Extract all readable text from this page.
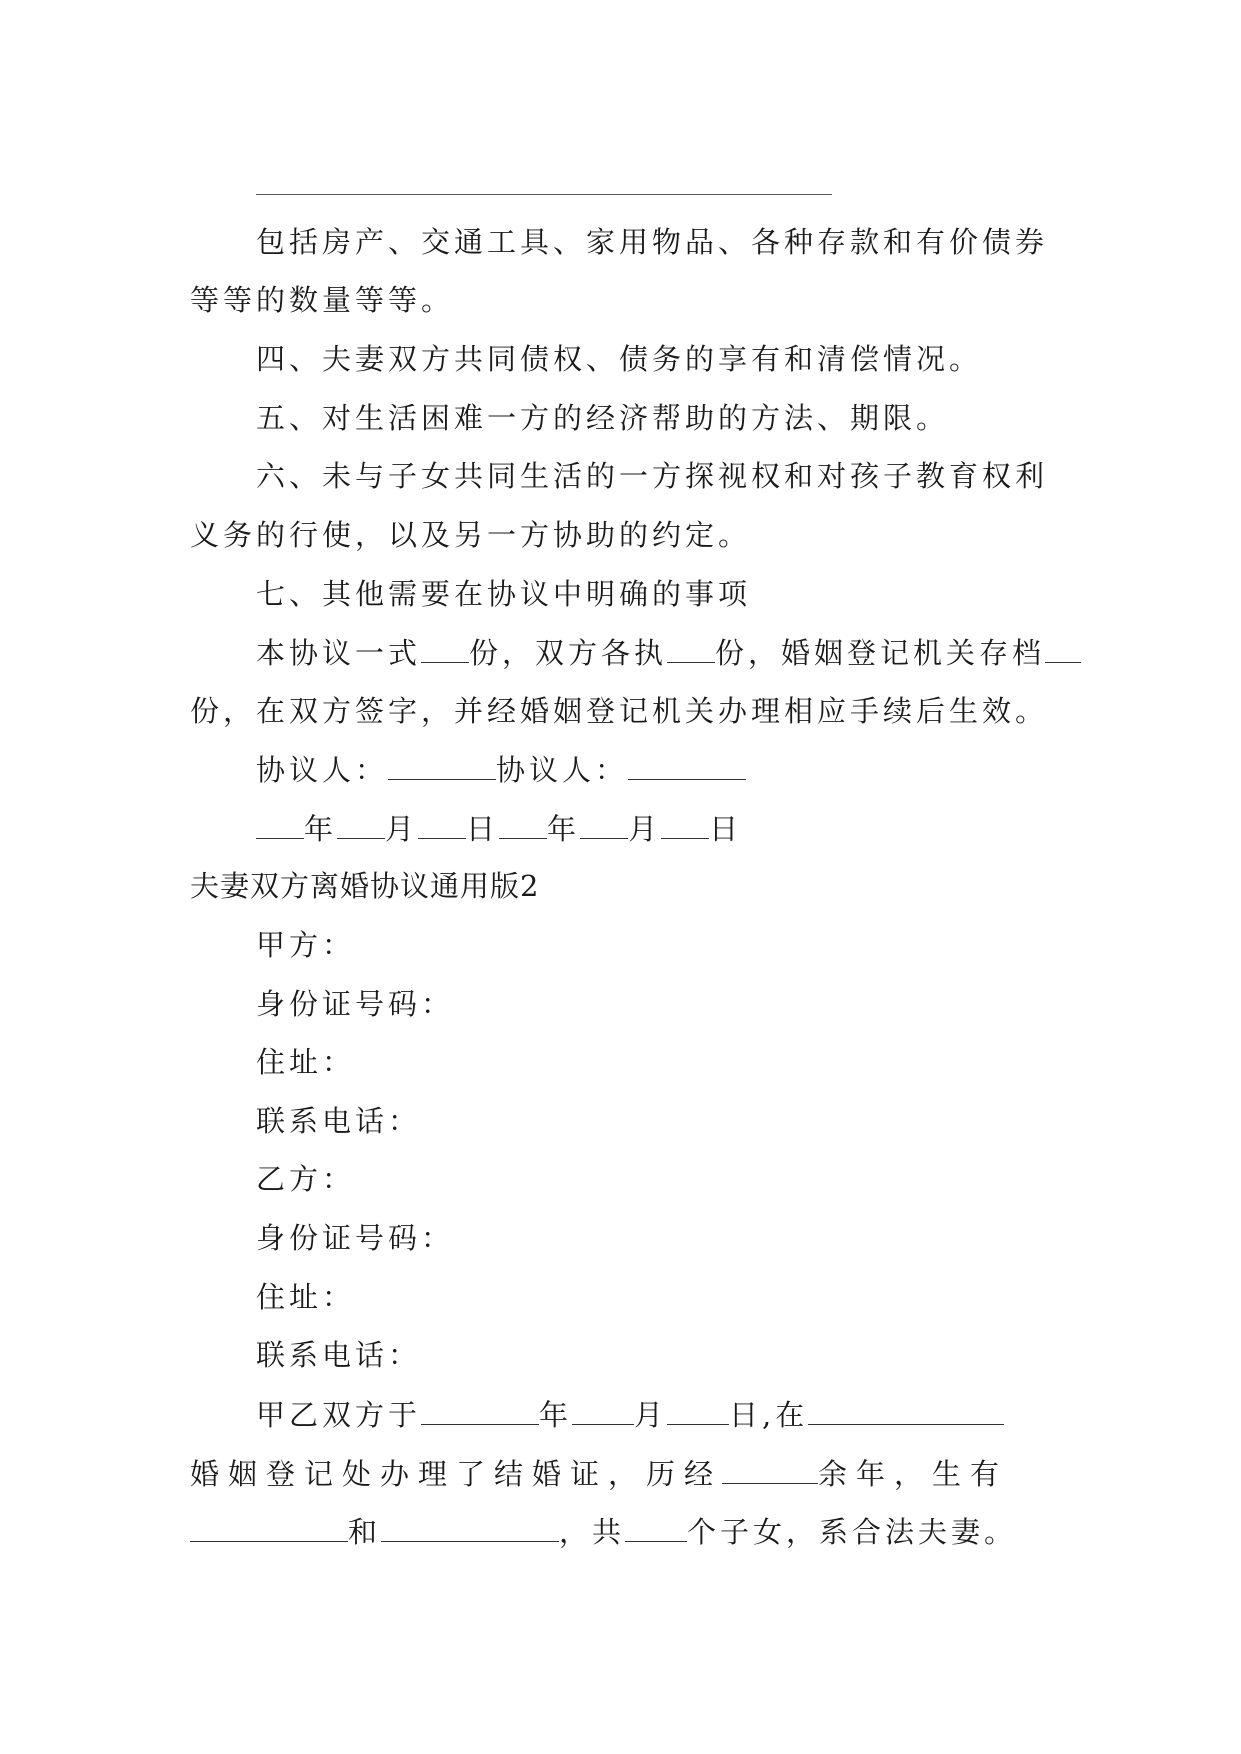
包括房产、交通工具、家用物品、各种存款和有价债券
等等的数量等等。
四、夫妻双方共同债权、债务的享有和清偿情况。
五、对生活困难一方的经济帮助的方法、期限。
六、未与子女共同生活的一方探视权和对孩子教育权利
义务的行使，以及另一方协助的约定。
七、其他需要在协议中明确的事项
本协议一式 份，双方各执 份，婚姻登记机关存档
份，在双方签字，并经婚姻登记机关办理相应手续后生效。
协议人：	协议人：
年 月 日 年 月 日
夫妻双方离婚协议通用版2
甲方：
身份证号码：
住址：
联系电话：
乙方：
身份证号码：
住址：
联系电话：
甲乙双方于	年 月 日,在
婚姻登记处办理了结婚证，历经	余年，生有
和	，共 个子女，系合法夫妻。
